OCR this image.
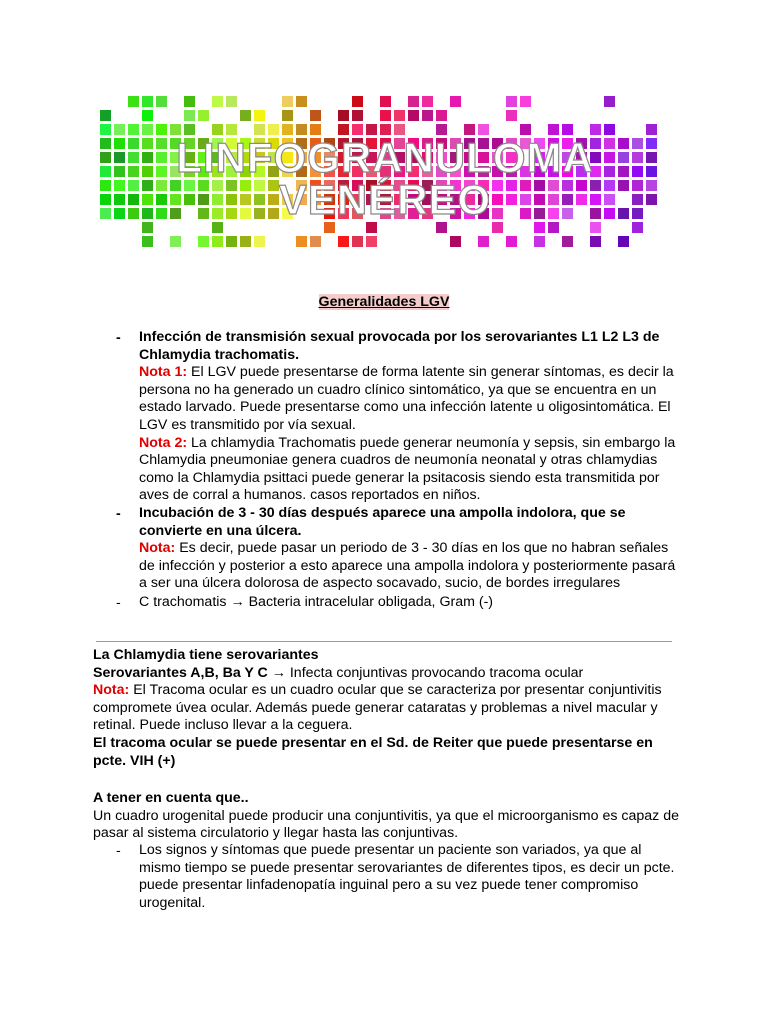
LINFOGRANULOMA
VENÉREO
Generalidades LGV
- Infección de transmisión sexual provocada por los serovariantes L1 L2 L3 de Chlamydia trachomatis.
Nota 1: El LGV puede presentarse de forma latente sin generar síntomas, es decir la persona no ha generado un cuadro clínico sintomático, ya que se encuentra en un estado larvado. Puede presentarse como una infección latente u oligosintomática. El LGV es transmitido por vía sexual.
Nota 2: La chlamydia Trachomatis puede generar neumonía y sepsis, sin embargo la Chlamydia pneumoniae genera cuadros de neumonía neonatal y otras chlamydias como la Chlamydia psittaci puede generar la psitacosis siendo esta transmitida por aves de corral a humanos. casos reportados en niños.
- Incubación de 3 - 30 días después aparece una ampolla indolora, que se convierte en una úlcera.
Nota: Es decir, puede pasar un periodo de 3 - 30 días en los que no habran señales de infección y posterior a esto aparece una ampolla indolora y posteriormente pasará a ser una úlcera dolorosa de aspecto socavado, sucio, de bordes irregulares
- C trachomatis → Bacteria intracelular obligada, Gram (-)
La Chlamydia tiene serovariantes
Serovariantes A,B, Ba Y C → Infecta conjuntivas provocando tracoma ocular
Nota: El Tracoma ocular es un cuadro ocular que se caracteriza por presentar conjuntivitis compromete úvea ocular. Además puede generar cataratas y problemas a nivel macular y retinal. Puede incluso llevar a la ceguera.
El tracoma ocular se puede presentar en el Sd. de Reiter que puede presentarse en pcte. VIH (+)
A tener en cuenta que..
Un cuadro urogenital puede producir una conjuntivitis, ya que el microorganismo es capaz de pasar al sistema circulatorio y llegar hasta las conjuntivas.
- Los signos y síntomas que puede presentar un paciente son variados, ya que al mismo tiempo se puede presentar serovariantes de diferentes tipos, es decir un pcte. puede presentar linfadenopatía inguinal pero a su vez puede tener compromiso urogenital.
